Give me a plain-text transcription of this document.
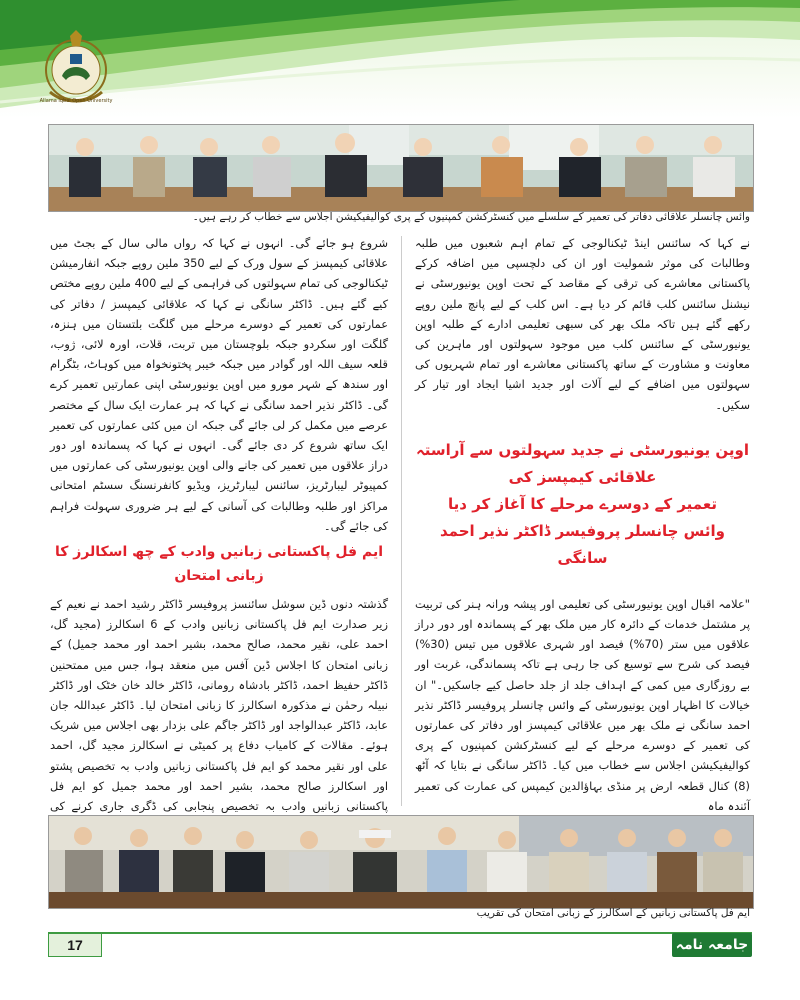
Allama Iqbal Open University
وائس چانسلر علاقائی دفاتر کی تعمیر کے سلسلے میں کنسٹرکشن کمپنیوں کے پری کوالیفیکیشن اجلاس سے خطاب کر رہے ہیں۔

نے کہا کہ سائنس اینڈ ٹیکنالوجی کے تمام اہم شعبوں میں طلبہ وطالبات کی موثر شمولیت اور ان کی دلچسپی میں اضافہ کرکے پاکستانی معاشرے کی ترقی کے مقاصد کے تحت اوپن یونیورسٹی نے نیشنل سائنس کلب قائم کر دیا ہے۔ اس کلب کے لیے پانچ ملین روپے رکھے گئے ہیں تاکہ ملک بھر کی سبھی تعلیمی ادارے کے طلبہ اوپن یونیورسٹی کے سائنس کلب میں موجود سہولتوں اور ماہرین کی معاونت و مشاورت کے ساتھ پاکستانی معاشرے اور تمام شہریوں کی سہولتوں میں اضافے کے لیے آلات اور جدید اشیا ایجاد اور تیار کر سکیں۔

اوپن یونیورسٹی نے جدید سہولتوں سے آراستہ علاقائی کیمپسز کی
تعمیر کے دوسرے مرحلے کا آغاز کر دیا
وائس چانسلر پروفیسر ڈاکٹر نذیر احمد سانگی

"علامہ اقبال اوپن یونیورسٹی کی تعلیمی اور پیشہ ورانہ ہنر کی تربیت پر مشتمل خدمات کے دائرہ کار میں ملک بھر کے پسماندہ اور دور دراز علاقوں میں ستر (70%) فیصد اور شہری علاقوں میں تیس (30%) فیصد کی شرح سے توسیع کی جا رہی ہے تاکہ پسماندگی، غربت اور بے روزگاری میں کمی کے اہداف جلد از جلد حاصل کیے جاسکیں۔" ان خیالات کا اظہار اوپن یونیورسٹی کے وائس چانسلر پروفیسر ڈاکٹر نذیر احمد سانگی نے ملک بھر میں علاقائی کیمپسز اور دفاتر کی عمارتوں کی تعمیر کے دوسرے مرحلے کے لیے کنسٹرکشن کمپنیوں کے پری کوالیفیکیشن اجلاس سے خطاب میں کیا۔ ڈاکٹر سانگی نے بتایا کہ آٹھ (8) کنال قطعہ ارض پر منڈی بہاؤالدین کیمپس کی عمارت کی تعمیر آئندہ ماہ

شروع ہو جائے گی۔ انہوں نے کہا کہ رواں مالی سال کے بجٹ میں علاقائی کیمپسز کے سول ورک کے لیے 350 ملین روپے جبکہ انفارمیشن ٹیکنالوجی کی تمام سہولتوں کی فراہمی کے لیے 400 ملین روپے مختص کیے گئے ہیں۔ ڈاکٹر سانگی نے کہا کہ علاقائی کیمپسز / دفاتر کی عمارتوں کی تعمیر کے دوسرے مرحلے میں گلگت بلتستان میں ہنزہ، گلگت اور سکردو جبکہ بلوچستان میں تربت، قلات، اورہ لائی، ژوب، قلعہ سیف اللہ اور گوادر میں جبکہ خیبر پختونخواہ میں کوہاٹ، بٹگرام اور سندھ کے شہر مورو میں اوپن یونیورسٹی اپنی عمارتیں تعمیر کرے گی۔ ڈاکٹر نذیر احمد سانگی نے کہا کہ ہر عمارت ایک سال کے مختصر عرصے میں مکمل کر لی جائے گی جبکہ ان میں کئی عمارتوں کی تعمیر ایک ساتھ شروع کر دی جائے گی۔ انہوں نے کہا کہ پسماندہ اور دور دراز علاقوں میں تعمیر کی جانے والی اوپن یونیورسٹی کی عمارتوں میں کمپیوٹر لیبارٹریز، سائنس لیبارٹریز، ویڈیو کانفرنسنگ سسٹم امتحانی مراکز اور طلبہ وطالبات کی آسانی کے لیے ہر ضروری سہولت فراہم کی جائے گی۔

ایم فل پاکستانی زبانیں وادب کے چھ اسکالرز کا زبانی امتحان

گذشتہ دنوں ڈین سوشل سائنسز پروفیسر ڈاکٹر رشید احمد نے نعیم کے زیر صدارت ایم فل پاکستانی زبانیں وادب کے 6 اسکالرز (مجید گل، احمد علی، نقیر محمد، صالح محمد، بشیر احمد اور محمد جمیل) کے زبانی امتحان کا اجلاس ڈین آفس میں منعقد ہوا، جس میں ممتحنین ڈاکٹر حفیظ احمد، ڈاکٹر بادشاہ رومانی، ڈاکٹر خالد خان خٹک اور ڈاکٹر نبیلہ رحمٰن نے مذکورہ اسکالرز کا زبانی امتحان لیا۔ ڈاکٹر عبداللہ جان عابد، ڈاکٹر عبدالواجد اور ڈاکٹر جاگم علی بزدار بھی اجلاس میں شریک ہوئے۔ مقالات کے کامیاب دفاع پر کمیٹی نے اسکالرز مجید گل، احمد علی اور نقیر محمد کو ایم فل پاکستانی زبانیں وادب بہ تخصیص پشتو اور اسکالرز صالح محمد، بشیر احمد اور محمد جمیل کو ایم فل پاکستانی زبانیں وادب بہ تخصیص پنجابی کی ڈگری جاری کرنے کی

ایم فل پاکستانی زبانیں کے اسکالرز کے زبانی امتحان کی تقریب
17	جامعہ نامہ
